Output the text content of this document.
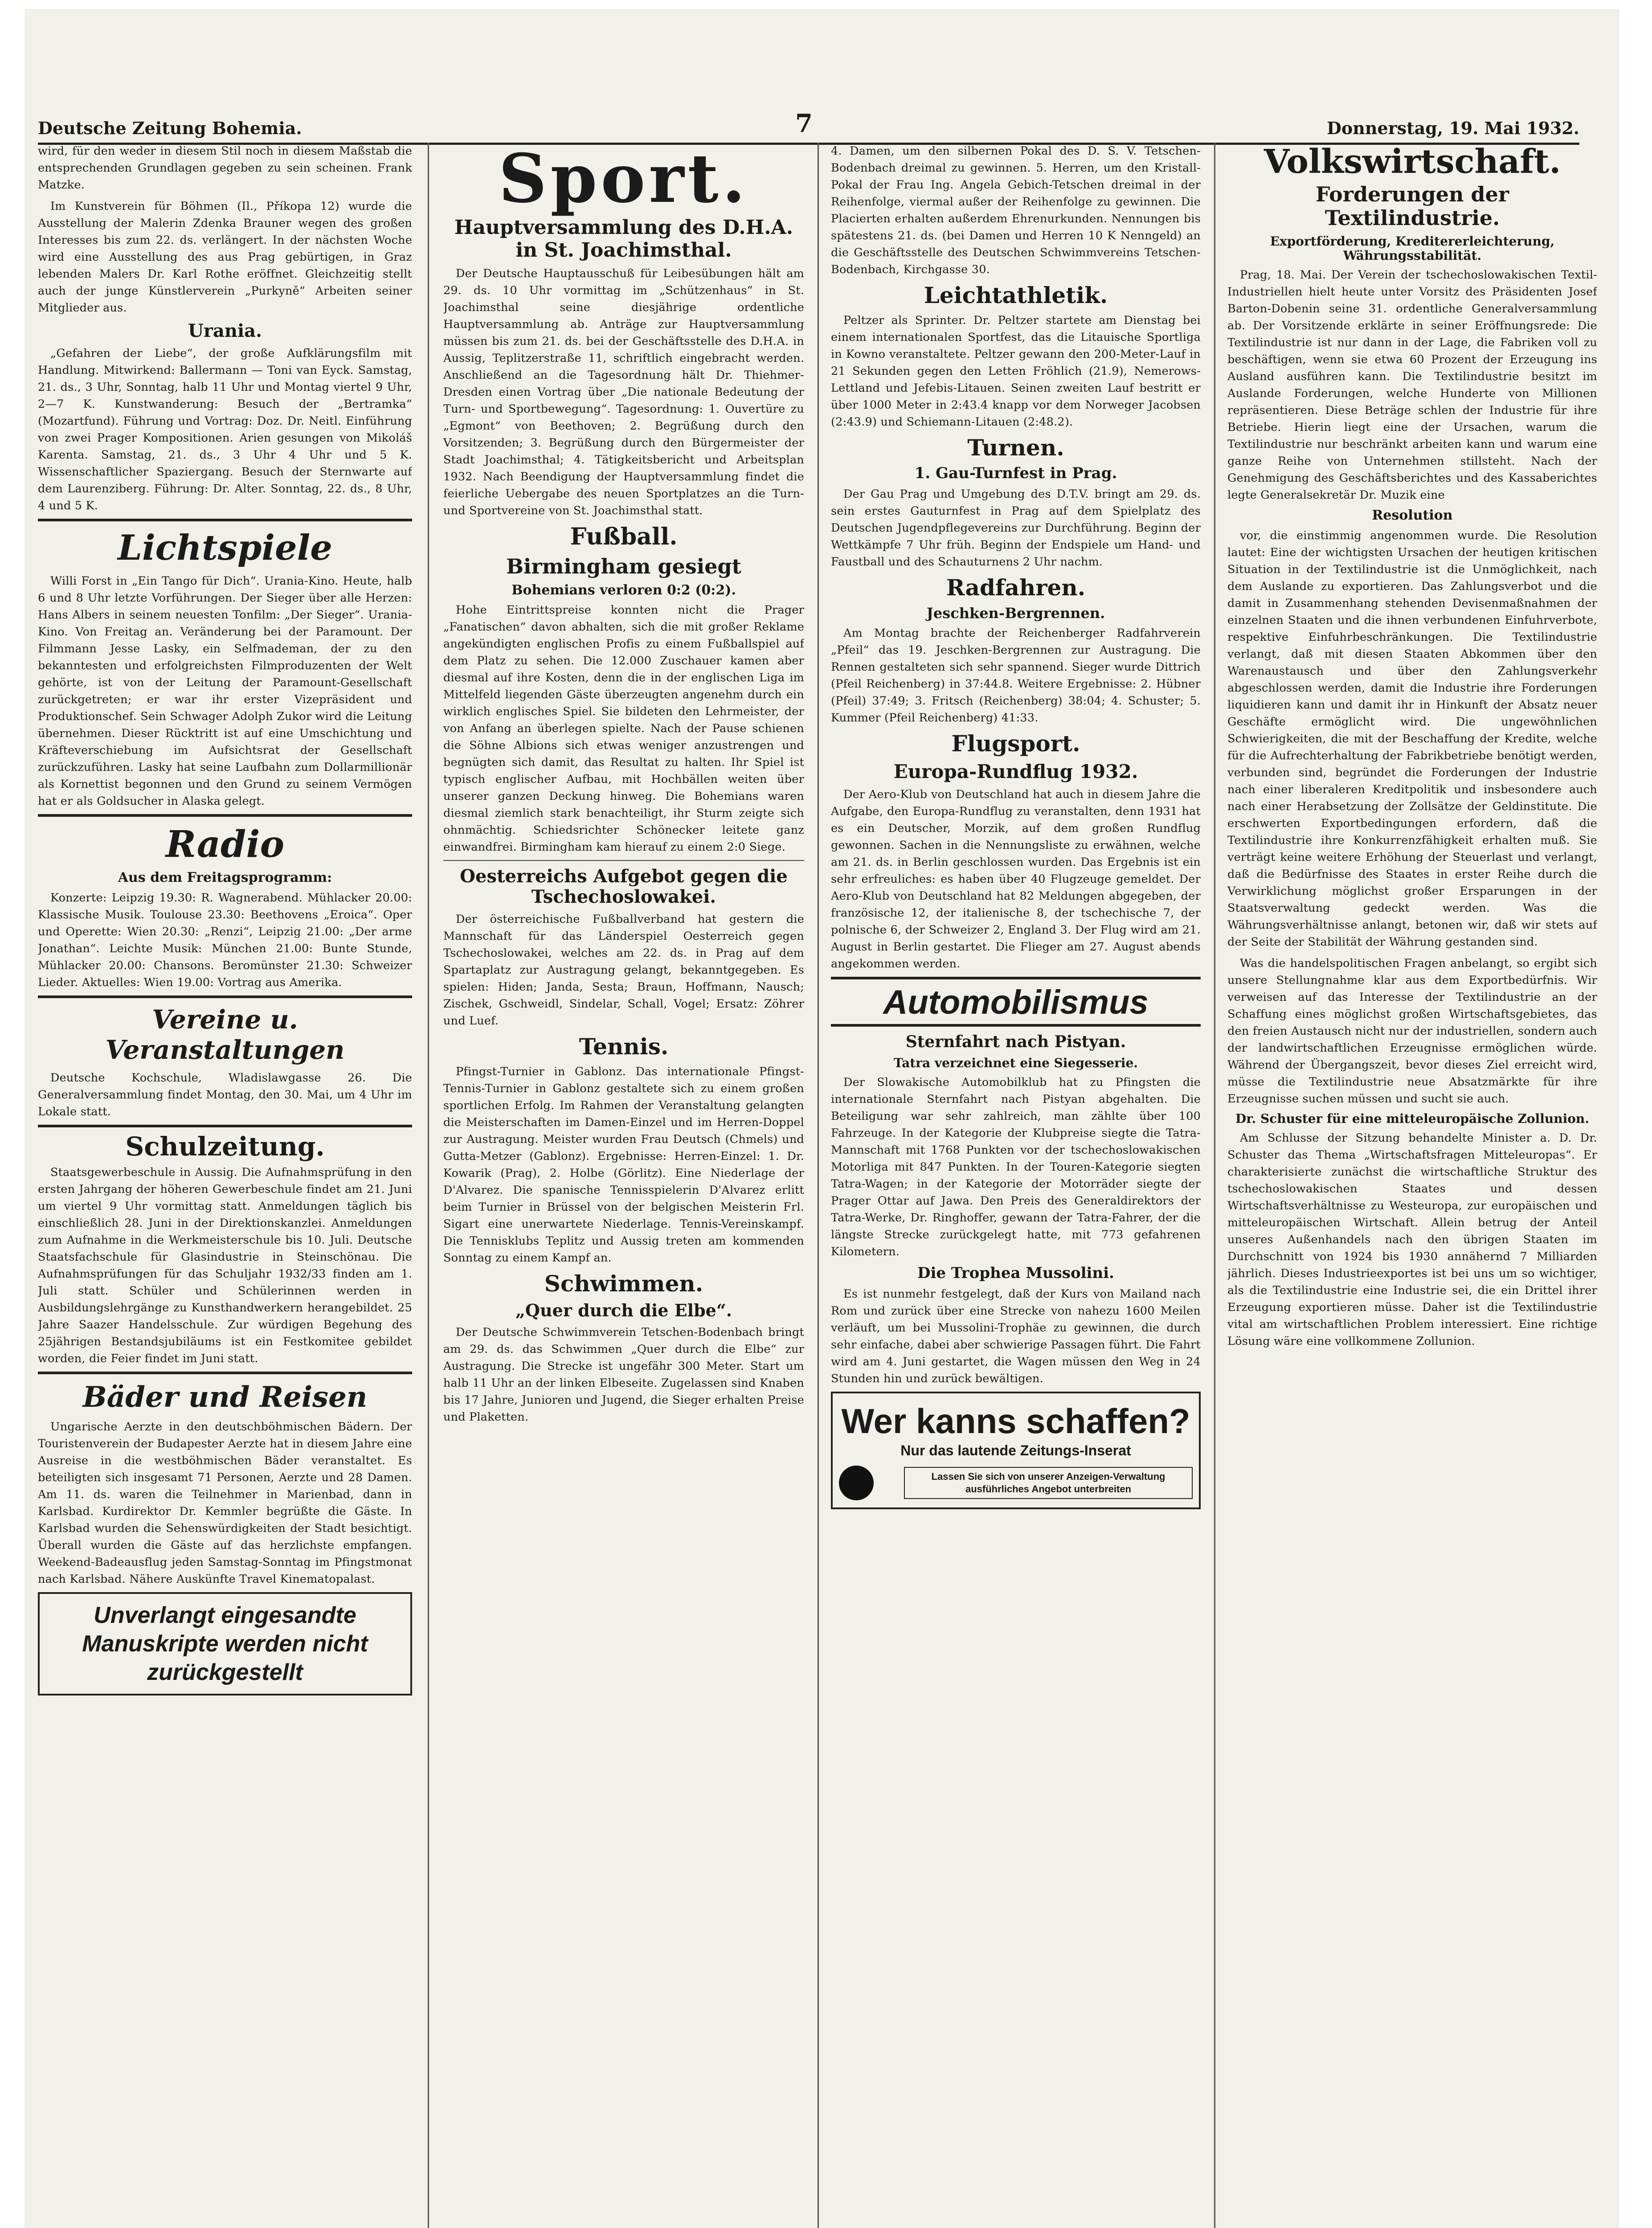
Deutsche Zeitung Bohemia.	7	Donnerstag, 19. Mai 1932.

wird, für den weder in diesem Stil noch in diesem Maßstab die entsprechenden Grundlagen gegeben zu sein scheinen. Frank Matzke.

Im Kunstverein für Böhmen (Il., Příkopa 12) wurde die Ausstellung der Malerin Zdenka Brauner wegen des großen Interesses bis zum 22. ds. verlängert. In der nächsten Woche wird eine Ausstellung des aus Prag gebürtigen, in Graz lebenden Malers Dr. Karl Rothe eröffnet. Gleichzeitig stellt auch der junge Künstlerverein „Purkyně“ Arbeiten seiner Mitglieder aus.

Urania.

„Gefahren der Liebe“, der große Aufklärungsfilm mit Handlung. Mitwirkend: Ballermann — Toni van Eyck. Samstag, 21. ds., 3 Uhr, Sonntag, halb 11 Uhr und Montag viertel 9 Uhr, 2—7 K. Kunstwanderung: Besuch der „Bertramka“ (Mozartfund). Führung und Vortrag: Doz. Dr. Neitl. Einführung von zwei Prager Kompositionen. Arien gesungen von Mikoláš Karenta. Samstag, 21. ds., 3 Uhr 4 Uhr und 5 K. Wissenschaftlicher Spaziergang. Besuch der Sternwarte auf dem Laurenziberg. Führung: Dr. Alter. Sonntag, 22. ds., 8 Uhr, 4 und 5 K.

Lichtspiele

Willi Forst in „Ein Tango für Dich“. Urania-Kino. Heute, halb 6 und 8 Uhr letzte Vorführungen. Der Sieger über alle Herzen: Hans Albers in seinem neuesten Tonfilm: „Der Sieger“. Urania-Kino. Von Freitag an. Veränderung bei der Paramount. Der Filmmann Jesse Lasky, ein Selfmademan, der zu den bekanntesten und erfolgreichsten Filmproduzenten der Welt gehörte, ist von der Leitung der Paramount-Gesellschaft zurückgetreten; er war ihr erster Vizepräsident und Produktionschef. Sein Schwager Adolph Zukor wird die Leitung übernehmen. Dieser Rücktritt ist auf eine Umschichtung und Kräfteverschiebung im Aufsichtsrat der Gesellschaft zurückzuführen. Lasky hat seine Laufbahn zum Dollarmillionär als Kornettist begonnen und den Grund zu seinem Vermögen hat er als Goldsucher in Alaska gelegt.

Radio
Aus dem Freitagsprogramm:

Konzerte: Leipzig 19.30: R. Wagnerabend. Mühlacker 20.00: Klassische Musik. Toulouse 23.30: Beethovens „Eroica“. Oper und Operette: Wien 20.30: „Renzi“, Leipzig 21.00: „Der arme Jonathan“. Leichte Musik: München 21.00: Bunte Stunde, Mühlacker 20.00: Chansons. Beromünster 21.30: Schweizer Lieder. Aktuelles: Wien 19.00: Vortrag aus Amerika.

Vereine u. Veranstaltungen

Deutsche Kochschule, Wladislawgasse 26. Die Generalversammlung findet Montag, den 30. Mai, um 4 Uhr im Lokale statt.

Schulzeitung.

Staatsgewerbeschule in Aussig. Die Aufnahmsprüfung in den ersten Jahrgang der höheren Gewerbeschule findet am 21. Juni um viertel 9 Uhr vormittag statt. Anmeldungen täglich bis einschließlich 28. Juni in der Direktionskanzlei. Anmeldungen zum Aufnahme in die Werkmeisterschule bis 10. Juli. Deutsche Staatsfachschule für Glasindustrie in Steinschönau. Die Aufnahmsprüfungen für das Schuljahr 1932/33 finden am 1. Juli statt. Schüler und Schülerinnen werden in Ausbildungslehrgänge zu Kunsthandwerkern herangebildet. 25 Jahre Saazer Handelsschule. Zur würdigen Begehung des 25jährigen Bestandsjubiläums ist ein Festkomitee gebildet worden, die Feier findet im Juni statt.

Bäder und Reisen

Ungarische Aerzte in den deutschböhmischen Bädern. Der Touristenverein der Budapester Aerzte hat in diesem Jahre eine Ausreise in die westböhmischen Bäder veranstaltet. Es beteiligten sich insgesamt 71 Personen, Aerzte und 28 Damen. Am 11. ds. waren die Teilnehmer in Marienbad, dann in Karlsbad. Kurdirektor Dr. Kemmler begrüßte die Gäste. In Karlsbad wurden die Sehenswürdigkeiten der Stadt besichtigt. Überall wurden die Gäste auf das herzlichste empfangen. Weekend-Badeausflug jeden Samstag-Sonntag im Pfingstmonat nach Karlsbad. Nähere Auskünfte Travel Kinematopalast.

Unverlangt eingesandte Manuskripte werden nicht zurückgestellt
Sport.
Hauptversammlung des D.H.A. in St. Joachimsthal.

Der Deutsche Hauptausschuß für Leibesübungen hält am 29. ds. 10 Uhr vormittag im „Schützenhaus“ in St. Joachimsthal seine diesjährige ordentliche Hauptversammlung ab. Anträge zur Hauptversammlung müssen bis zum 21. ds. bei der Geschäftsstelle des D.H.A. in Aussig, Teplitzerstraße 11, schriftlich eingebracht werden. Anschließend an die Tagesordnung hält Dr. Thiehmer-Dresden einen Vortrag über „Die nationale Bedeutung der Turn- und Sportbewegung“. Tagesordnung: 1. Ouvertüre zu „Egmont“ von Beethoven; 2. Begrüßung durch den Vorsitzenden; 3. Begrüßung durch den Bürgermeister der Stadt Joachimsthal; 4. Tätigkeitsbericht und Arbeitsplan 1932. Nach Beendigung der Hauptversammlung findet die feierliche Uebergabe des neuen Sportplatzes an die Turn- und Sportvereine von St. Joachimsthal statt.

Fußball.
Birmingham gesiegt
Bohemians verloren 0:2 (0:2).

Hohe Eintrittspreise konnten nicht die Prager „Fanatischen“ davon abhalten, sich die mit großer Reklame angekündigten englischen Profis zu einem Fußballspiel auf dem Platz zu sehen. Die 12.000 Zuschauer kamen aber diesmal auf ihre Kosten, denn die in der englischen Liga im Mittelfeld liegenden Gäste überzeugten angenehm durch ein wirklich englisches Spiel. Sie bildeten den Lehrmeister, der von Anfang an überlegen spielte. Nach der Pause schienen die Söhne Albions sich etwas weniger anzustrengen und begnügten sich damit, das Resultat zu halten. Ihr Spiel ist typisch englischer Aufbau, mit Hochbällen weiten über unserer ganzen Deckung hinweg. Die Bohemians waren diesmal ziemlich stark benachteiligt, ihr Sturm zeigte sich ohnmächtig. Schiedsrichter Schönecker leitete ganz einwandfrei. Birmingham kam hierauf zu einem 2:0 Siege.

Oesterreichs Aufgebot gegen die Tschechoslowakei.

Der österreichische Fußballverband hat gestern die Mannschaft für das Länderspiel Oesterreich gegen Tschechoslowakei, welches am 22. ds. in Prag auf dem Spartaplatz zur Austragung gelangt, bekanntgegeben. Es spielen: Hiden; Janda, Sesta; Braun, Hoffmann, Nausch; Zischek, Gschweidl, Sindelar, Schall, Vogel; Ersatz: Zöhrer und Luef.

Tennis.

Pfingst-Turnier in Gablonz. Das internationale Pfingst-Tennis-Turnier in Gablonz gestaltete sich zu einem großen sportlichen Erfolg. Im Rahmen der Veranstaltung gelangten die Meisterschaften im Damen-Einzel und im Herren-Doppel zur Austragung. Meister wurden Frau Deutsch (Chmels) und Gutta-Metzer (Gablonz). Ergebnisse: Herren-Einzel: 1. Dr. Kowarik (Prag), 2. Holbe (Görlitz). Eine Niederlage der D'Alvarez. Die spanische Tennisspielerin D'Alvarez erlitt beim Turnier in Brüssel von der belgischen Meisterin Frl. Sigart eine unerwartete Niederlage. Tennis-Vereinskampf. Die Tennisklubs Teplitz und Aussig treten am kommenden Sonntag zu einem Kampf an.

Schwimmen.
„Quer durch die Elbe“.

Der Deutsche Schwimmverein Tetschen-Bodenbach bringt am 29. ds. das Schwimmen „Quer durch die Elbe“ zur Austragung. Die Strecke ist ungefähr 300 Meter. Start um halb 11 Uhr an der linken Elbeseite. Zugelassen sind Knaben bis 17 Jahre, Junioren und Jugend, die Sieger erhalten Preise und Plaketten.

4. Damen, um den silbernen Pokal des D. S. V. Tetschen-Bodenbach dreimal zu gewinnen. 5. Herren, um den Kristall-Pokal der Frau Ing. Angela Gebich-Tetschen dreimal in der Reihenfolge, viermal außer der Reihenfolge zu gewinnen. Die Placierten erhalten außerdem Ehrenurkunden. Nennungen bis spätestens 21. ds. (bei Damen und Herren 10 K Nenngeld) an die Geschäftsstelle des Deutschen Schwimmvereins Tetschen-Bodenbach, Kirchgasse 30.

Leichtathletik.

Peltzer als Sprinter. Dr. Peltzer startete am Dienstag bei einem internationalen Sportfest, das die Litauische Sportliga in Kowno veranstaltete. Peltzer gewann den 200-Meter-Lauf in 21 Sekunden gegen den Letten Fröhlich (21.9), Nemerows-Lettland und Jefebis-Litauen. Seinen zweiten Lauf bestritt er über 1000 Meter in 2:43.4 knapp vor dem Norweger Jacobsen (2:43.9) und Schiemann-Litauen (2:48.2).

Turnen.
1. Gau-Turnfest in Prag.

Der Gau Prag und Umgebung des D.T.V. bringt am 29. ds. sein erstes Gauturnfest in Prag auf dem Spielplatz des Deutschen Jugendpflegevereins zur Durchführung. Beginn der Wettkämpfe 7 Uhr früh. Beginn der Endspiele um Hand- und Faustball und des Schauturnens 2 Uhr nachm.

Radfahren.
Jeschken-Bergrennen.

Am Montag brachte der Reichenberger Radfahrverein „Pfeil“ das 19. Jeschken-Bergrennen zur Austragung. Die Rennen gestalteten sich sehr spannend. Sieger wurde Dittrich (Pfeil Reichenberg) in 37:44.8. Weitere Ergebnisse: 2. Hübner (Pfeil) 37:49; 3. Fritsch (Reichenberg) 38:04; 4. Schuster; 5. Kummer (Pfeil Reichenberg) 41:33.

Flugsport.
Europa-Rundflug 1932.

Der Aero-Klub von Deutschland hat auch in diesem Jahre die Aufgabe, den Europa-Rundflug zu veranstalten, denn 1931 hat es ein Deutscher, Morzik, auf dem großen Rundflug gewonnen. Sachen in die Nennungsliste zu erwähnen, welche am 21. ds. in Berlin geschlossen wurden. Das Ergebnis ist ein sehr erfreuliches: es haben über 40 Flugzeuge gemeldet. Der Aero-Klub von Deutschland hat 82 Meldungen abgegeben, der französische 12, der italienische 8, der tschechische 7, der polnische 6, der Schweizer 2, England 3. Der Flug wird am 21. August in Berlin gestartet. Die Flieger am 27. August abends angekommen werden.

Automobilismus
Sternfahrt nach Pistyan.
Tatra verzeichnet eine Siegesserie.

Der Slowakische Automobilklub hat zu Pfingsten die internationale Sternfahrt nach Pistyan abgehalten. Die Beteiligung war sehr zahlreich, man zählte über 100 Fahrzeuge. In der Kategorie der Klubpreise siegte die Tatra-Mannschaft mit 1768 Punkten vor der tschechoslowakischen Motorliga mit 847 Punkten. In der Touren-Kategorie siegten Tatra-Wagen; in der Kategorie der Motorräder siegte der Prager Ottar auf Jawa. Den Preis des Generaldirektors der Tatra-Werke, Dr. Ringhoffer, gewann der Tatra-Fahrer, der die längste Strecke zurückgelegt hatte, mit 773 gefahrenen Kilometern.

Die Trophea Mussolini.

Es ist nunmehr festgelegt, daß der Kurs von Mailand nach Rom und zurück über eine Strecke von nahezu 1600 Meilen verläuft, um bei Mussolini-Trophäe zu gewinnen, die durch sehr einfache, dabei aber schwierige Passagen führt. Die Fahrt wird am 4. Juni gestartet, die Wagen müssen den Weg in 24 Stunden hin und zurück bewältigen.

Wer kanns schaffen?
Nur das lautende Zeitungs-Inserat
Lassen Sie sich von unserer Anzeigen-Verwaltung ausführliches Angebot unterbreiten
Volkswirtschaft.
Forderungen der Textilindustrie.
Exportförderung, Kreditererleichterung, Währungsstabilität.

Prag, 18. Mai. Der Verein der tschechoslowakischen Textil-Industriellen hielt heute unter Vorsitz des Präsidenten Josef Barton-Dobenin seine 31. ordentliche Generalversammlung ab. Der Vorsitzende erklärte in seiner Eröffnungsrede: Die Textilindustrie ist nur dann in der Lage, die Fabriken voll zu beschäftigen, wenn sie etwa 60 Prozent der Erzeugung ins Ausland ausführen kann. Die Textilindustrie besitzt im Auslande Forderungen, welche Hunderte von Millionen repräsentieren. Diese Beträge schlen der Industrie für ihre Betriebe. Hierin liegt eine der Ursachen, warum die Textilindustrie nur beschränkt arbeiten kann und warum eine ganze Reihe von Unternehmen stillsteht. Nach der Genehmigung des Geschäftsberichtes und des Kassaberichtes legte Generalsekretär Dr. Muzik eine

Resolution

vor, die einstimmig angenommen wurde. Die Resolution lautet: Eine der wichtigsten Ursachen der heutigen kritischen Situation in der Textilindustrie ist die Unmöglichkeit, nach dem Auslande zu exportieren. Das Zahlungsverbot und die damit in Zusammenhang stehenden Devisenmaßnahmen der einzelnen Staaten und die ihnen verbundenen Einfuhrverbote, respektive Einfuhrbeschränkungen. Die Textilindustrie verlangt, daß mit diesen Staaten Abkommen über den Warenaustausch und über den Zahlungsverkehr abgeschlossen werden, damit die Industrie ihre Forderungen liquidieren kann und damit ihr in Hinkunft der Absatz neuer Geschäfte ermöglicht wird. Die ungewöhnlichen Schwierigkeiten, die mit der Beschaffung der Kredite, welche für die Aufrechterhaltung der Fabrikbetriebe benötigt werden, verbunden sind, begründet die Forderungen der Industrie nach einer liberaleren Kreditpolitik und insbesondere auch nach einer Herabsetzung der Zollsätze der Geldinstitute. Die erschwerten Exportbedingungen erfordern, daß die Textilindustrie ihre Konkurrenzfähigkeit erhalten muß. Sie verträgt keine weitere Erhöhung der Steuerlast und verlangt, daß die Bedürfnisse des Staates in erster Reihe durch die Verwirklichung möglichst großer Ersparungen in der Staatsverwaltung gedeckt werden. Was die Währungsverhältnisse anlangt, betonen wir, daß wir stets auf der Seite der Stabilität der Währung gestanden sind.

Was die handelspolitischen Fragen anbelangt, so ergibt sich unsere Stellungnahme klar aus dem Exportbedürfnis. Wir verweisen auf das Interesse der Textilindustrie an der Schaffung eines möglichst großen Wirtschaftsgebietes, das den freien Austausch nicht nur der industriellen, sondern auch der landwirtschaftlichen Erzeugnisse ermöglichen würde. Während der Übergangszeit, bevor dieses Ziel erreicht wird, müsse die Textilindustrie neue Absatzmärkte für ihre Erzeugnisse suchen müssen und sucht sie auch.

Dr. Schuster für eine mitteleuropäische Zollunion.

Am Schlusse der Sitzung behandelte Minister a. D. Dr. Schuster das Thema „Wirtschaftsfragen Mitteleuropas“. Er charakterisierte zunächst die wirtschaftliche Struktur des tschechoslowakischen Staates und dessen Wirtschaftsverhältnisse zu Westeuropa, zur europäischen und mitteleuropäischen Wirtschaft. Allein betrug der Anteil unseres Außenhandels nach den übrigen Staaten im Durchschnitt von 1924 bis 1930 annähernd 7 Milliarden jährlich. Dieses Industrieexportes ist bei uns um so wichtiger, als die Textilindustrie eine Industrie sei, die ein Drittel ihrer Erzeugung exportieren müsse. Daher ist die Textilindustrie vital am wirtschaftlichen Problem interessiert. Eine richtige Lösung wäre eine vollkommene Zollunion.
